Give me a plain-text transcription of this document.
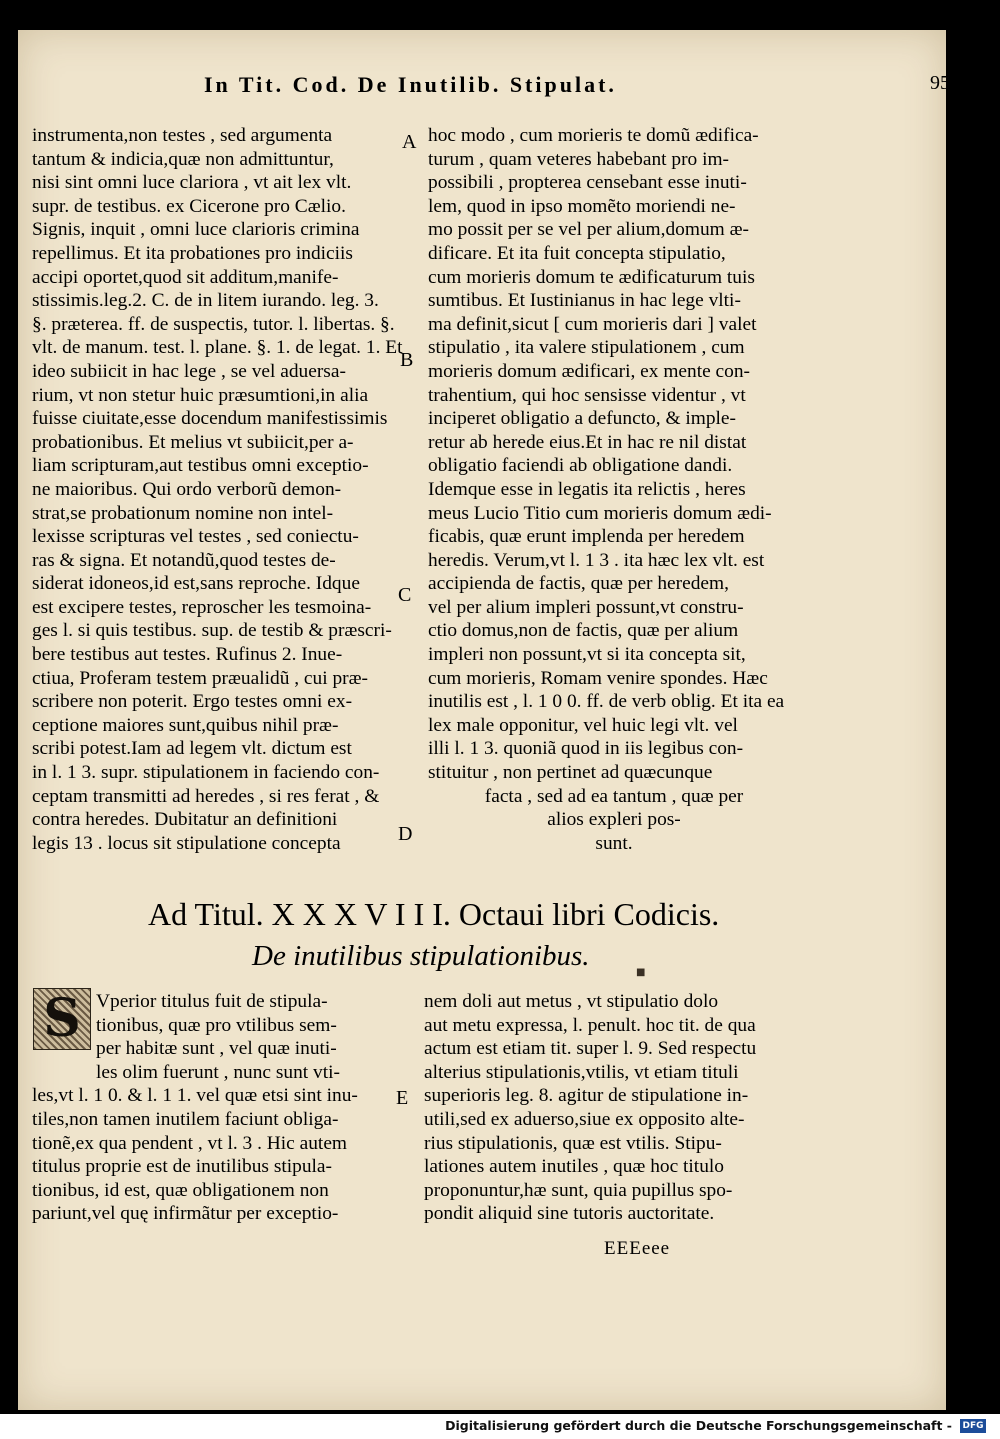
In Tit. Cod. De Inutilib. Stipulat.	955

instrumenta,non testes , sed argumenta

tantum & indicia,quæ non admittuntur,

nisi sint omni luce clariora , vt ait lex vlt.

supr. de testibus. ex Cicerone pro Cælio.

Signis, inquit , omni luce clarioris crimina

repellimus. Et ita probationes pro indiciis

accipi oportet,quod sit additum,manife-

stissimis.leg.2. C. de in litem iurando. leg. 3.

§. præterea. ff. de suspectis, tutor. l. libertas. §.

vlt. de manum. test. l. plane. §. 1. de legat. 1. Et

ideo subiicit in hac lege , se vel aduersa-

rium, vt non stetur huic præsumtioni,in alia

fuisse ciuitate,esse docendum manifestissimis

probationibus. Et melius vt subiicit,per a-

liam scripturam,aut testibus omni exceptio-

ne maioribus. Qui ordo verborũ demon-

strat,se probationum nomine non intel-

lexisse scripturas vel testes , sed coniectu-

ras & signa. Et notandũ,quod testes de-

siderat idoneos,id est,sans reproche. Idque

est excipere testes, reproscher les tesmoina-

ges l. si quis testibus. sup. de testib & præscri-

bere testibus aut testes. Rufinus 2. Inue-

ctiua, Proferam testem præualidũ , cui præ-

scribere non poterit. Ergo testes omni ex-

ceptione maiores sunt,quibus nihil præ-

scribi potest.Iam ad legem vlt. dictum est

in l. 1 3. supr. stipulationem in faciendo con-

ceptam transmitti ad heredes , si res ferat , &

contra heredes. Dubitatur an definitioni

legis 13 . locus sit stipulatione concepta

hoc modo , cum morieris te domũ ædifica-

turum , quam veteres habebant pro im-

possibili , propterea censebant esse inuti-

lem, quod in ipso momẽto moriendi ne-

mo possit per se vel per alium,domum æ-

dificare. Et ita fuit concepta stipulatio,

cum morieris domum te ædificaturum tuis

sumtibus. Et Iustinianus in hac lege vlti-

ma definit,sicut [ cum morieris dari ] valet

stipulatio , ita valere stipulationem , cum

morieris domum ædificari, ex mente con-

trahentium, qui hoc sensisse videntur , vt

inciperet obligatio a defuncto, & imple-

retur ab herede eius.Et in hac re nil distat

obligatio faciendi ab obligatione dandi.

Idemque esse in legatis ita relictis , heres

meus Lucio Titio cum morieris domum ædi-

ficabis, quæ erunt implenda per heredem

heredis. Verum,vt l. 1 3 . ita hæc lex vlt. est

accipienda de factis, quæ per heredem,

vel per alium impleri possunt,vt constru-

ctio domus,non de factis, quæ per alium

impleri non possunt,vt si ita concepta sit,

cum morieris, Romam venire spondes. Hæc

inutilis est , l. 1 0 0. ff. de verb oblig. Et ita ea

lex male opponitur, vel huic legi vlt. vel

illi l. 1 3. quoniã quod in iis legibus con-

stituitur , non pertinet ad quæcunque

facta , sed ad ea tantum , quæ per

alios expleri pos-

sunt.

A
B
C
D
E
Ad Titul. X X X V I I I. Octaui libri Codicis.
De inutilibus stipulationibus.
■
S Vperior titulus fuit de stipula-

tionibus, quæ pro vtilibus sem-

per habitæ sunt , vel quæ inuti-

les olim fuerunt , nunc sunt vti-

les,vt l. 1 0. & l. 1 1. vel quæ etsi sint inu-

tiles,non tamen inutilem faciunt obliga-

tionẽ,ex qua pendent , vt l. 3 . Hic autem

titulus proprie est de inutilibus stipula-

tionibus, id est, quæ obligationem non

pariunt,vel quę infirmãtur per exceptio-

nem doli aut metus , vt stipulatio dolo

aut metu expressa, l. penult. hoc tit. de qua

actum est etiam tit. super l. 9. Sed respectu

alterius stipulationis,vtilis, vt etiam tituli

superioris leg. 8. agitur de stipulatione in-

utili,sed ex aduerso,siue ex opposito alte-

rius stipulationis, quæ est vtilis. Stipu-

lationes autem inutiles , quæ hoc titulo

proponuntur,hæ sunt, quia pupillus spo-

pondit aliquid sine tutoris auctoritate.

EEEeee
Digitalisierung gefördert durch die Deutsche Forschungsgemeinschaft - DFG
